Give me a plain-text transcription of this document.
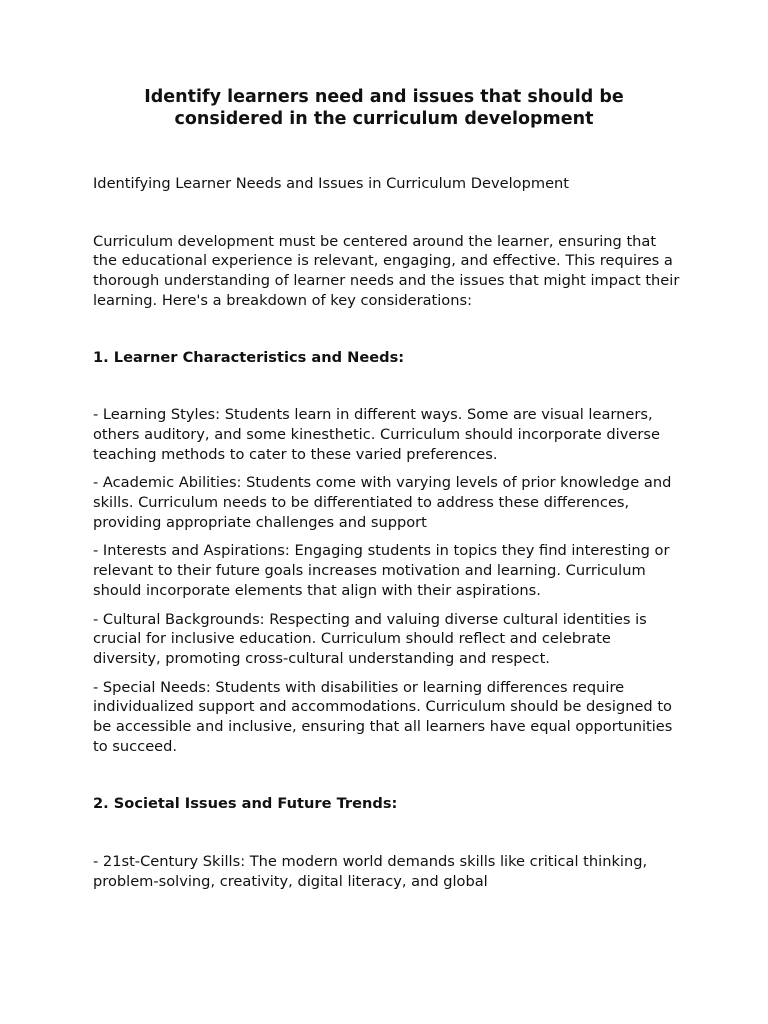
Identify learners need and issues that should be
considered in the curriculum development

Identifying Learner Needs and Issues in Curriculum Development

Curriculum development must be centered around the learner, ensuring that the educational experience is relevant, engaging, and effective. This requires a thorough understanding of learner needs and the issues that might impact their learning. Here's a breakdown of key considerations:

1. Learner Characteristics and Needs:

- Learning Styles: Students learn in different ways. Some are visual learners, others auditory, and some kinesthetic. Curriculum should incorporate diverse teaching methods to cater to these varied preferences.

- Academic Abilities: Students come with varying levels of prior knowledge and skills. Curriculum needs to be differentiated to address these differences, providing appropriate challenges and support

- Interests and Aspirations: Engaging students in topics they find interesting or relevant to their future goals increases motivation and learning. Curriculum should incorporate elements that align with their aspirations.

- Cultural Backgrounds: Respecting and valuing diverse cultural identities is crucial for inclusive education. Curriculum should reflect and celebrate diversity, promoting cross-cultural understanding and respect.

- Special Needs: Students with disabilities or learning differences require individualized support and accommodations. Curriculum should be designed to be accessible and inclusive, ensuring that all learners have equal opportunities to succeed.

2. Societal Issues and Future Trends:

- 21st-Century Skills: The modern world demands skills like critical thinking, problem-solving, creativity, digital literacy, and global
